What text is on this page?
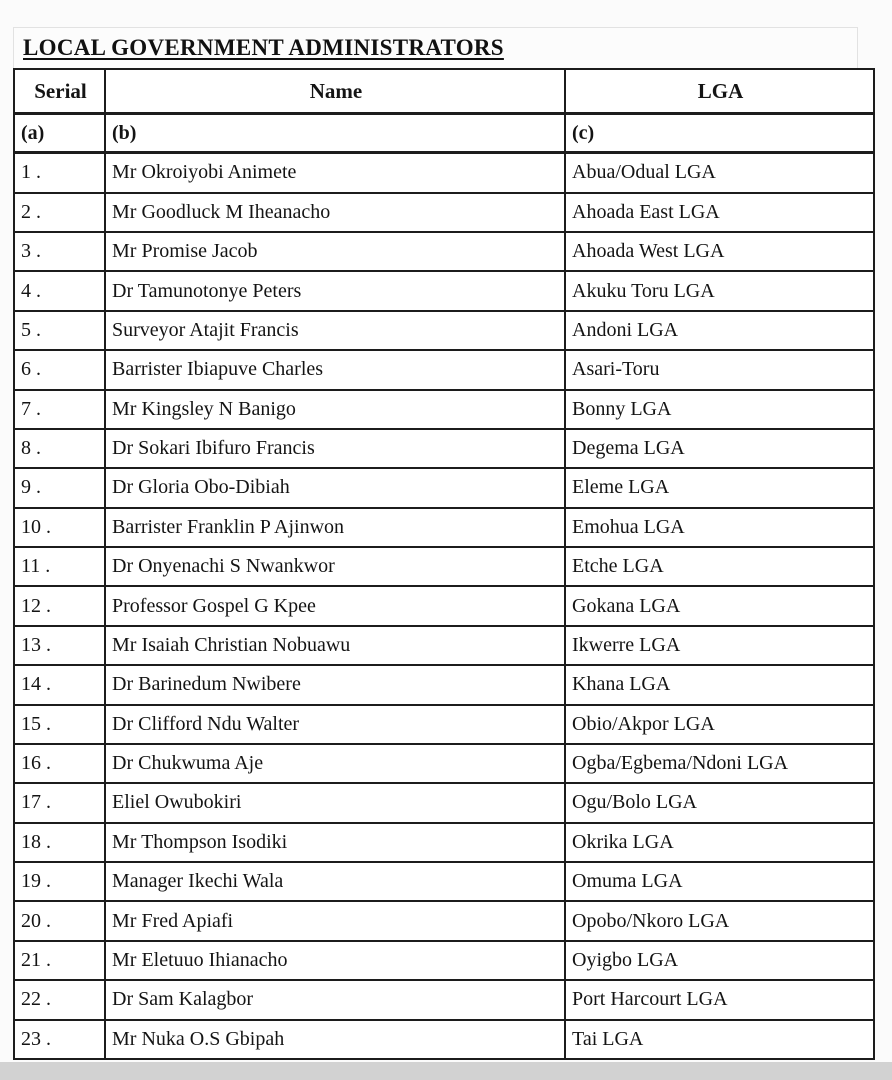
LOCAL GOVERNMENT ADMINISTRATORS
Serial	Name	LGA
(a)	(b)	(c)
1 .	Mr Okroiyobi Animete	Abua/Odual LGA
2 .	Mr Goodluck M Iheanacho	Ahoada East LGA
3 .	Mr Promise Jacob	Ahoada West LGA
4 .	Dr Tamunotonye Peters	Akuku Toru LGA
5 .	Surveyor Atajit Francis	Andoni LGA
6 .	Barrister Ibiapuve Charles	Asari-Toru
7 .	Mr Kingsley N Banigo	Bonny LGA
8 .	Dr Sokari Ibifuro Francis	Degema LGA
9 .	Dr Gloria Obo-Dibiah	Eleme LGA
10 .	Barrister Franklin P Ajinwon	Emohua LGA
11 .	Dr Onyenachi S Nwankwor	Etche LGA
12 .	Professor Gospel G Kpee	Gokana LGA
13 .	Mr Isaiah Christian Nobuawu	Ikwerre LGA
14 .	Dr Barinedum Nwibere	Khana LGA
15 .	Dr Clifford Ndu Walter	Obio/Akpor LGA
16 .	Dr Chukwuma Aje	Ogba/Egbema/Ndoni LGA
17 .	Eliel Owubokiri	Ogu/Bolo LGA
18 .	Mr Thompson Isodiki	Okrika LGA
19 .	Manager Ikechi Wala	Omuma LGA
20 .	Mr Fred Apiafi	Opobo/Nkoro LGA
21 .	Mr Eletuuo Ihianacho	Oyigbo LGA
22 .	Dr Sam Kalagbor	Port Harcourt LGA
23 .	Mr Nuka O.S Gbipah	Tai LGA
